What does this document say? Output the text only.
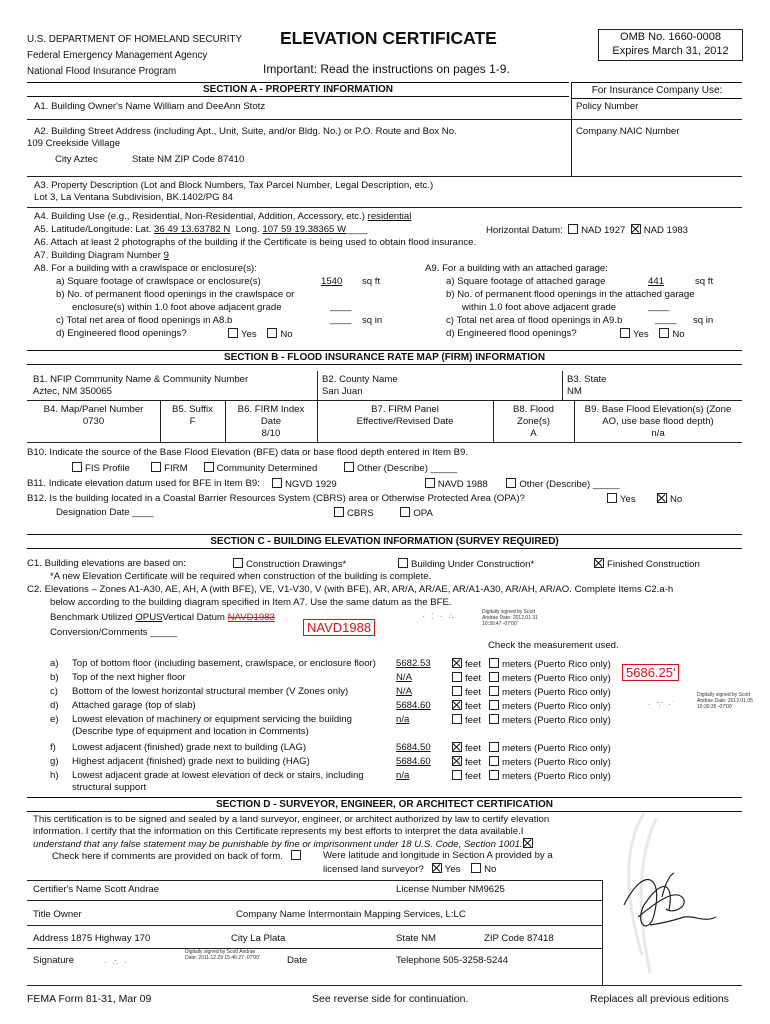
U.S. DEPARTMENT OF HOMELAND SECURITY
Federal Emergency Management Agency
National Flood Insurance Program
ELEVATION CERTIFICATE
Important: Read the instructions on pages 1-9.
OMB No. 1660-0008
Expires March 31, 2012
SECTION A - PROPERTY INFORMATION	For Insurance Company Use:
A1. Building Owner's Name William and DeeAnn Stotz	Policy Number
A2. Building Street Address (including Apt., Unit, Suite, and/or Bldg. No.) or P.O. Route and Box No.
109 Creekside Village
City Aztec	State NM ZIP Code 87410
Company NAIC Number
A3. Property Description (Lot and Block Numbers, Tax Parcel Number, Legal Description, etc.)
Lot 3, La Ventana Subdivision, BK.1402/PG 84
A4. Building Use (e.g., Residential, Non-Residential, Addition, Accessory, etc.) residential
A5. Latitude/Longitude: Lat. 36 49 13.63782 N Long. 107 59 19.38365 W____	Horizontal Datum: NAD 1927 NAD 1983
A6. Attach at least 2 photographs of the building if the Certificate is being used to obtain flood insurance.
A7. Building Diagram Number 9
A8. For a building with a crawlspace or enclosure(s):
a) Square footage of crawlspace or enclosure(s)	1540 sq ft
b) No. of permanent flood openings in the crawlspace or
enclosure(s) within 1.0 foot above adjacent grade	____
c) Total net area of flood openings in A8.b	____ sq in
d) Engineered flood openings?	Yes No
A9. For a building with an attached garage:
a) Square footage of attached garage	441	sq ft
b) No. of permanent flood openings in the attached garage
within 1.0 foot above adjacent grade	____
c) Total net area of flood openings in A9.b	____ sq in
d) Engineered flood openings?	Yes No
SECTION B - FLOOD INSURANCE RATE MAP (FIRM) INFORMATION
B1. NFIP Community Name & Community Number
Aztec, NM 350065
B2. County Name
San Juan
B3. State
NM
B4. Map/Panel Number
0730
B5. Suffix
F
B6. FIRM Index
Date
8/10
B7. FIRM Panel
Effective/Revised Date
B8. Flood
Zone(s)
A
B9. Base Flood Elevation(s) (Zone
AO, use base flood depth)
n/a
B10. Indicate the source of the Base Flood Elevation (BFE) data or base flood depth entered in Item B9.
FIS Profile	FIRM	Community Determined	Other (Describe) _____
B11. Indicate elevation datum used for BFE in Item B9:	NGVD 1929	NAVD 1988	Other (Describe) _____
B12. Is the building located in a Coastal Barrier Resources System (CBRS) area or Otherwise Protected Area (OPA)?	Yes	No
Designation Date ____	CBRS	OPA
SECTION C - BUILDING ELEVATION INFORMATION (SURVEY REQUIRED)
C1. Building elevations are based on:	Construction Drawings*	Building Under Construction*	Finished Construction
*A new Elevation Certificate will be required when construction of the building is complete.
C2. Elevations – Zones A1-A30, AE, AH, A (with BFE), VE, V1-V30, V (with BFE), AR, AR/A, AR/AE, AR/A1-A30, AR/AH, AR/AO. Complete Items C2.a-h
below according to the building diagram specified in Item A7. Use the same datum as the BFE.
Benchmark Utilized OPUSVertical Datum NAVD1983
NAVD1988
· ⁚ · ∴	Digitally signed by Scott Andrae Date: 2012.01.31 10:30:47 -07'00'
Conversion/Comments _____
Check the measurement used.
a) Top of bottom floor (including basement, crawlspace, or enclosure floor) 5682.53	feet meters (Puerto Rico only)
b) Top of the next higher floor	N/A	feet meters (Puerto Rico only)
c) Bottom of the lowest horizontal structural member (V Zones only)	N/A	feet meters (Puerto Rico only)
d) Attached garage (top of slab)	5684.60	feet meters (Puerto Rico only)
e) Lowest elevation of machinery or equipment servicing the building
(Describe type of equipment and location in Comments)
n/a	feet meters (Puerto Rico only)
f) Lowest adjacent (finished) grade next to building (LAG)	5684.50	feet meters (Puerto Rico only)
g) Highest adjacent (finished) grade next to building (HAG)	5684.60	feet meters (Puerto Rico only)
h) Lowest adjacent grade at lowest elevation of deck or stairs, including
structural support
n/a	feet meters (Puerto Rico only)
5686.25'
· ∵ ·˙
Digitally signed by Scott Andrae Date: 2012.01.05 10:30:35 -07'00'
SECTION D - SURVEYOR, ENGINEER, OR ARCHITECT CERTIFICATION
This certification is to be signed and sealed by a land surveyor, engineer, or architect authorized by law to certify elevation
information. I certify that the information on this Certificate represents my best efforts to interpret the data available.I
understand that any false statement may be punishable by fine or imprisonment under 18 U.S. Code, Section 1001.
Check here if comments are provided on back of form.	Were latitude and longitude in Section A provided by a
licensed land surveyor? Yes No
Certifier's Name Scott Andrae	License Number NM9625
Title Owner	Company Name Intermontain Mapping Services, L:LC
Address 1875 Highway 170	City La Plata	State NM	ZIP Code 87418
Signature	· ∴ ·
Digitally signed by Scott Andrae Date: 2011.12.29 15:46:27 -07'00'	Date	Telephone 505-3258-5244
FEMA Form 81-31, Mar 09	See reverse side for continuation.	Replaces all previous editions
